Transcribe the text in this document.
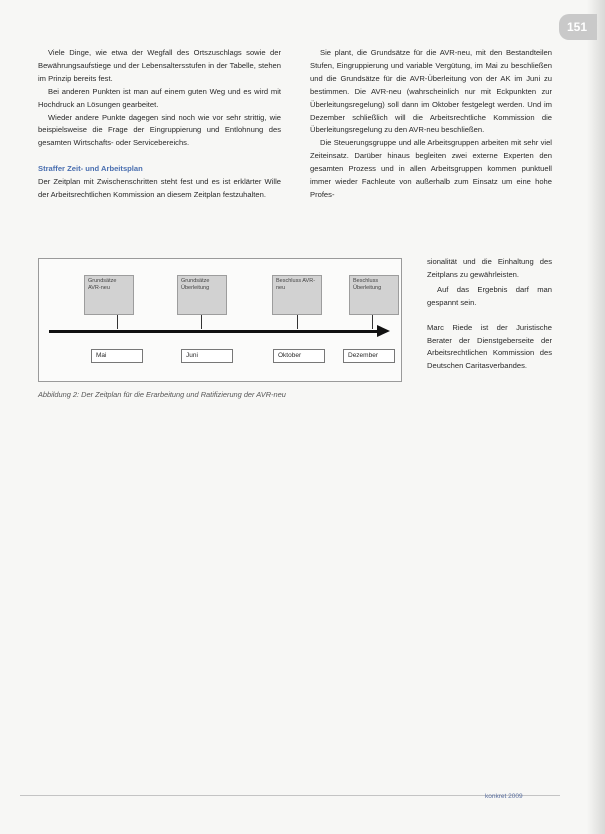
151

Viele Dinge, wie etwa der Wegfall des Ortszuschlags sowie der Bewährungsaufstiege und der Lebensaltersstufen in der Tabelle, stehen im Prinzip bereits fest.

Bei anderen Punkten ist man auf einem guten Weg und es wird mit Hochdruck an Lösungen gearbeitet.

Wieder andere Punkte dagegen sind noch wie vor sehr strittig, wie beispielsweise die Frage der Eingruppierung und Entlohnung des gesamten Wirtschafts- oder Servicebereichs.

Straffer Zeit- und Arbeitsplan

Der Zeitplan mit Zwischenschritten steht fest und es ist erklärter Wille der Arbeitsrechtlichen Kommission an diesem Zeitplan festzuhalten.

Sie plant, die Grundsätze für die AVR-neu, mit den Bestandteilen Stufen, Eingruppierung und variable Vergütung, im Mai zu beschließen und die Grundsätze für die AVR-Überleitung von der AK im Juni zu bestimmen. Die AVR-neu (wahrscheinlich nur mit Eckpunkten zur Überleitungsregelung) soll dann im Oktober festgelegt werden. Und im Dezember schließlich will die Arbeitsrechtliche Kommission die Überleitungsregelung zu den AVR-neu beschließen.

Die Steuerungsgruppe und alle Arbeitsgruppen arbeiten mit sehr viel Zeiteinsatz. Darüber hinaus begleiten zwei externe Experten den gesamten Prozess und in allen Arbeitsgruppen kommen punktuell immer wieder Fachleute von außerhalb zum Einsatz um eine hohe Profes-

Grundsätze AVR-neu
Grundsätze Überleitung
Beschluss AVR-neu
Beschluss Überleitung
Mai	Juni	Oktober	Dezember
Abbildung 2: Der Zeitplan für die Erarbeitung und Ratifizierung der AVR-neu

sionalität und die Einhaltung des Zeitplans zu gewährleisten.

Auf das Ergebnis darf man gespannt sein.

Marc Riede ist der Juristische Berater der Dienstgeberseite der Arbeitsrechtlichen Kommission des Deutschen Caritasverbandes.

konkret 2009
